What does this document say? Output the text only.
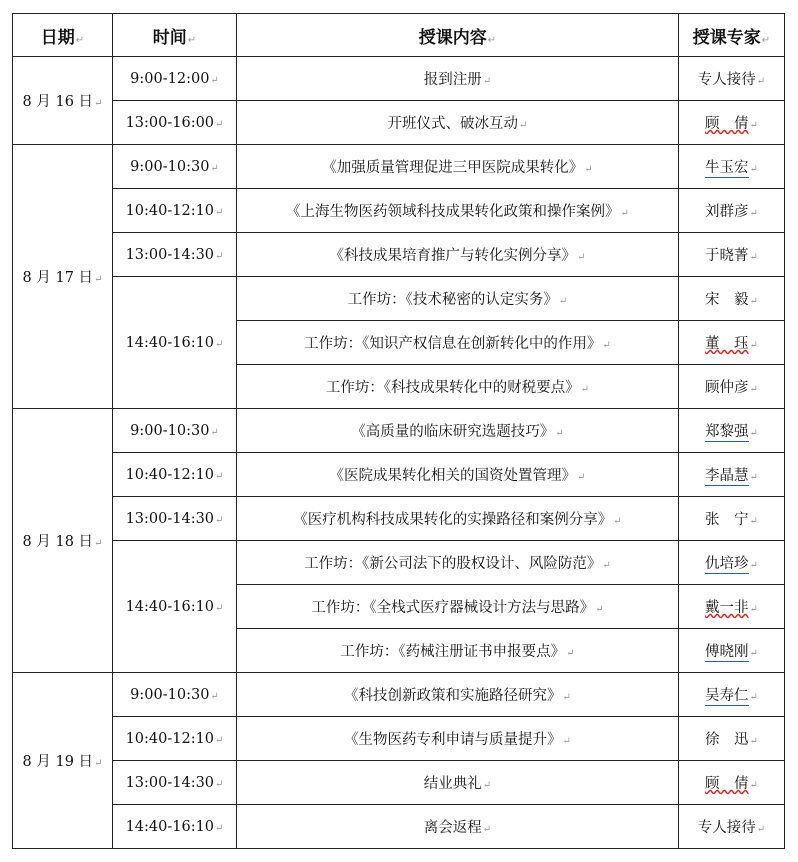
日期↵	时间↵	授课内容↵	授课专家↵
8 月 16 日↵	9:00-12:00↵	报到注册↵	专人接待↵
	13:00-16:00↵	开班仪式、破冰互动↵	顾　倩↵
8 月 17 日↵	9:00-10:30↵	《加强质量管理促进三甲医院成果转化》↵	牛玉宏↵
	10:40-12:10↵	《上海生物医药领域科技成果转化政策和操作案例》↵	刘群彦↵
	13:00-14:30↵	《科技成果培育推广与转化实例分享》↵	于晓菁↵
	14:40-16:10↵	工作坊：《技术秘密的认定实务》↵	宋　毅↵
		工作坊：《知识产权信息在创新转化中的作用》↵	董　珏↵
		工作坊：《科技成果转化中的财税要点》↵	顾仲彦↵
8 月 18 日↵	9:00-10:30↵	《高质量的临床研究选题技巧》↵	郑黎强↵
	10:40-12:10↵	《医院成果转化相关的国资处置管理》↵	李晶慧↵
	13:00-14:30↵	《医疗机构科技成果转化的实操路径和案例分享》↵	张　宁↵
	14:40-16:10↵	工作坊：《新公司法下的股权设计、风险防范》↵	仇培珍↵
		工作坊：《全栈式医疗器械设计方法与思路》↵	戴一非↵
		工作坊：《药械注册证书申报要点》↵	傅晓刚↵
8 月 19 日↵	9:00-10:30↵	《科技创新政策和实施路径研究》↵	吴寿仁↵
	10:40-12:10↵	《生物医药专利申请与质量提升》↵	徐　迅↵
	13:00-14:30↵	结业典礼↵	顾　倩↵
	14:40-16:10↵	离会返程↵	专人接待↵
